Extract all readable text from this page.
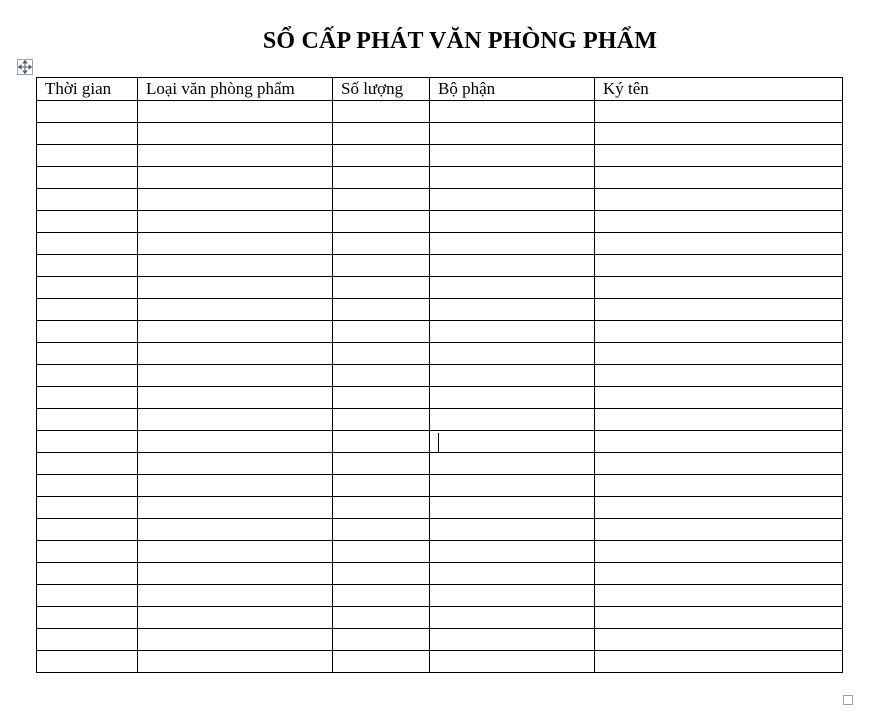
SỔ CẤP PHÁT VĂN PHÒNG PHẨM
Thời gian	Loại văn phòng phẩm	Số lượng	Bộ phận	Ký tên
